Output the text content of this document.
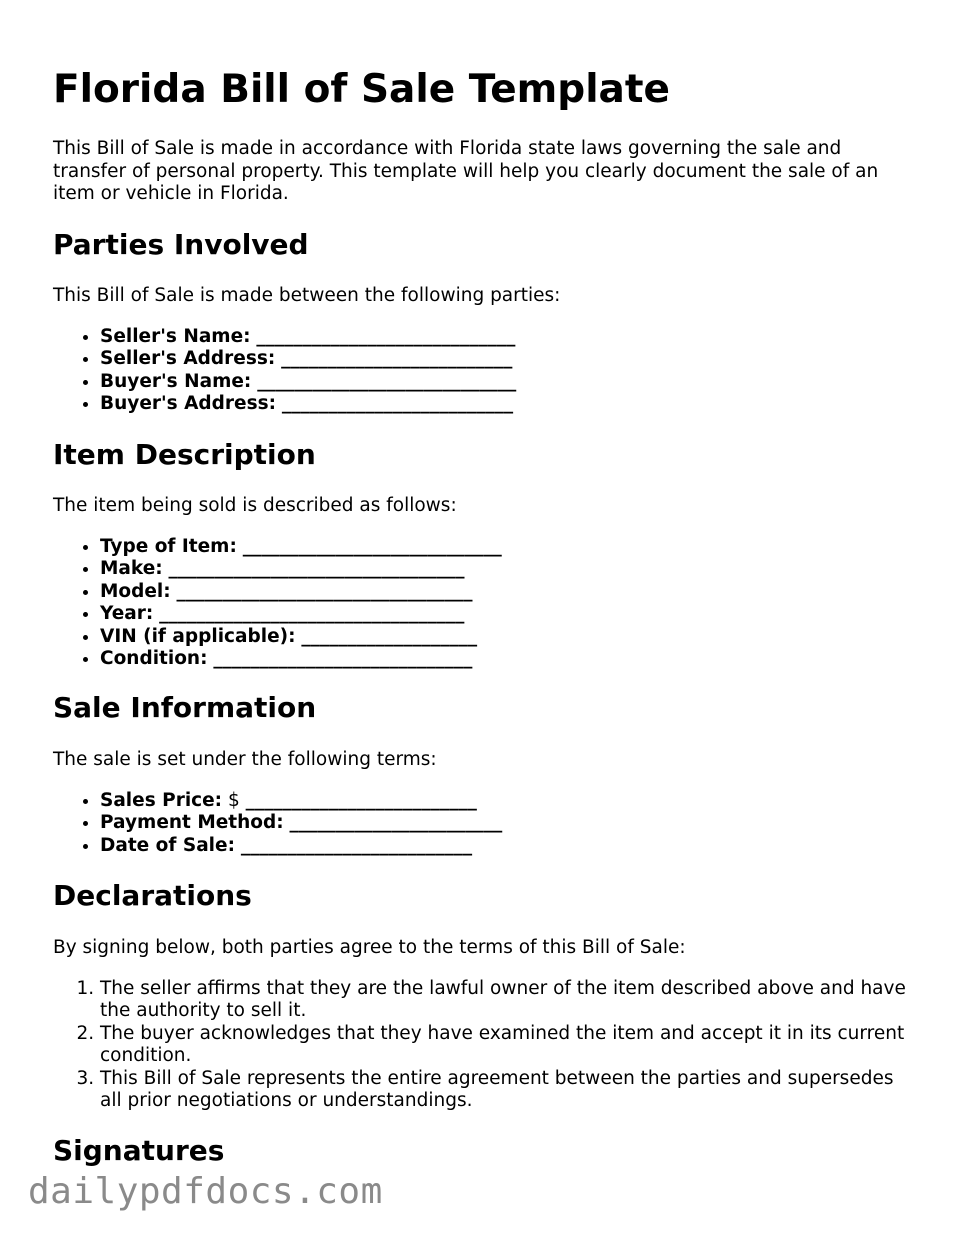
Florida Bill of Sale Template

This Bill of Sale is made in accordance with Florida state laws governing the sale and transfer of personal property. This template will help you clearly document the sale of an item or vehicle in Florida.

Parties Involved

This Bill of Sale is made between the following parties:

• Seller's Name: ____________________________
• Seller's Address: _________________________
• Buyer's Name: ____________________________
• Buyer's Address: _________________________
Item Description

The item being sold is described as follows:

• Type of Item: ____________________________
• Make: ________________________________
• Model: ________________________________
• Year: _________________________________
• VIN (if applicable): ___________________
• Condition: ____________________________
Sale Information

The sale is set under the following terms:

• Sales Price: $ _________________________
• Payment Method: _______________________
• Date of Sale: _________________________
Declarations

By signing below, both parties agree to the terms of this Bill of Sale:

1. The seller affirms that they are the lawful owner of the item described above and have the authority to sell it.
2. The buyer acknowledges that they have examined the item and accept it in its current condition.
3. This Bill of Sale represents the entire agreement between the parties and supersedes all prior negotiations or understandings.
Signatures
dailypdfdocs.com
